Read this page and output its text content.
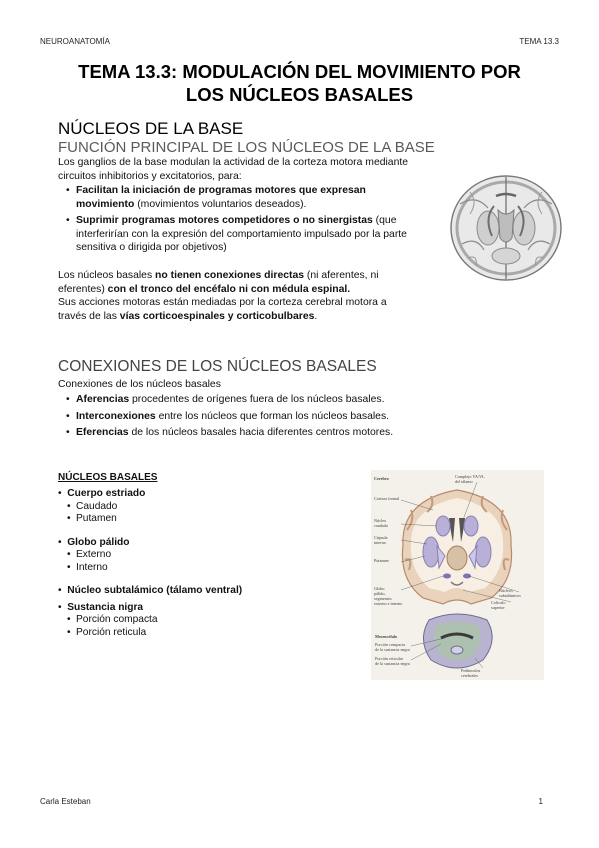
NEUROANATOMÍA	TEMA 13.3
TEMA 13.3: MODULACIÓN DEL MOVIMIENTO POR
LOS NÚCLEOS BASALES
NÚCLEOS DE LA BASE
FUNCIÓN PRINCIPAL DE LOS NÚCLEOS DE LA BASE
Los ganglios de la base modulan la actividad de la corteza motora mediante
circuitos inhibitorios y excitatorios, para:
• Facilitan la iniciación de programas motores que expresan
movimiento (movimientos voluntarios deseados).
• Suprimir programas motores competidores o no sinergistas (que
interferirían con la expresión del comportamiento impulsado por la parte
sensitiva o dirigida por objetivos)
Los núcleos basales no tienen conexiones directas (ni aferentes, ni
eferentes) con el tronco del encéfalo ni con médula espinal.
Sus acciones motoras están mediadas por la corteza cerebral motora a
través de las vías corticoespinales y corticobulbares.
CONEXIONES DE LOS NÚCLEOS BASALES
Conexiones de los núcleos basales
• Aferencias procedentes de orígenes fuera de los núcleos basales.
• Interconexiones entre los núcleos que forman los núcleos basales.
• Eferencias de los núcleos basales hacia diferentes centros motores.
NÚCLEOS BASALES
•  Cuerpo estriado
• Caudado
• Putamen
•  Globo pálido
• Externo
• Interno
•  Núcleo subtalámico (tálamo ventral)
•  Sustancia nigra
• Porción compacta
• Porción reticula
Cerebro	Complejo VA/VL
del tálamo
Corteza frontal
Núcleo
caudado
Cápsula
interna
Putamen
Globo
pálido,
segmentos
externo e interno
Núcleos
subtalámicos
Colículo
superior
Mesencéfalo
Porción compacta
de la sustancia negra
Porción reticular
de la sustancia negra
Pedúnculos
cerebrales
Carla Esteban	1
